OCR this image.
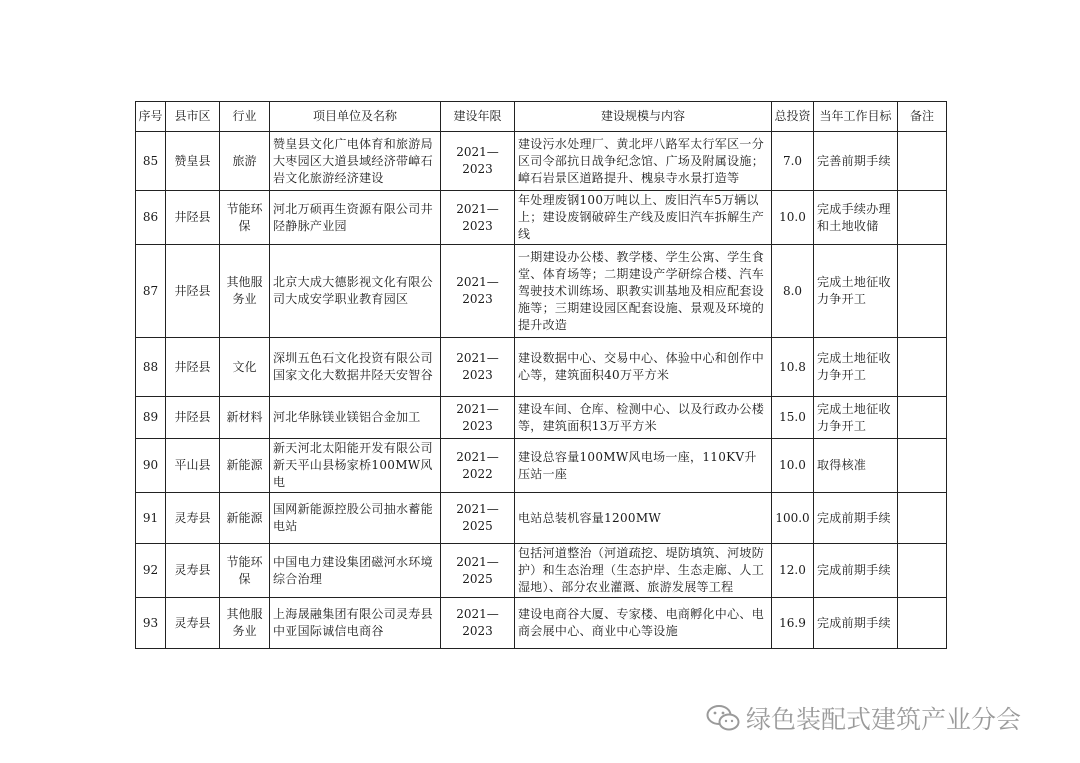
序号	县市区	行业	项目单位及名称	建设年限	建设规模与内容	总投资	当年工作目标	备注
85	赞皇县	旅游	赞皇县文化广电体育和旅游局大枣园区大道县域经济带嶂石岩文化旅游经济建设	2021—2023	建设污水处理厂、黄北坪八路军太行军区一分区司令部抗日战争纪念馆、广场及附属设施；嶂石岩景区道路提升、槐泉寺水景打造等	7.0	完善前期手续	
86	井陉县	节能环保	河北万硕再生资源有限公司井陉静脉产业园	2021—2023	年处理废钢100万吨以上、废旧汽车5万辆以上；建设废钢破碎生产线及废旧汽车拆解生产线	10.0	完成手续办理和土地收储	
87	井陉县	其他服务业	北京大成大德影视文化有限公司大成安学职业教育园区	2021—2023	一期建设办公楼、教学楼、学生公寓、学生食堂、体育场等；二期建设产学研综合楼、汽车驾驶技术训练场、职教实训基地及相应配套设施等；三期建设园区配套设施、景观及环境的提升改造	8.0	完成土地征收力争开工	
88	井陉县	文化	深圳五色石文化投资有限公司国家文化大数据井陉天安智谷	2021—2023	建设数据中心、交易中心、体验中心和创作中心等，建筑面积40万平方米	10.8	完成土地征收力争开工	
89	井陉县	新材料	河北华脉镁业镁铝合金加工	2021—2023	建设车间、仓库、检测中心、以及行政办公楼等，建筑面积13万平方米	15.0	完成土地征收力争开工	
90	平山县	新能源	新天河北太阳能开发有限公司新天平山县杨家桥100MW风电	2021—2022	建设总容量100MW风电场一座，110KV升压站一座	10.0	取得核准	
91	灵寿县	新能源	国网新能源控股公司抽水蓄能电站	2021—2025	电站总装机容量1200MW	100.0	完成前期手续	
92	灵寿县	节能环保	中国电力建设集团磁河水环境综合治理	2021—2025	包括河道整治（河道疏挖、堤防填筑、河坡防护）和生态治理（生态护岸、生态走廊、人工湿地）、部分农业灌溉、旅游发展等工程	12.0	完成前期手续	
93	灵寿县	其他服务业	上海晟融集团有限公司灵寿县中亚国际诚信电商谷	2021—2023	建设电商谷大厦、专家楼、电商孵化中心、电商会展中心、商业中心等设施	16.9	完成前期手续	
绿色装配式建筑产业分会
